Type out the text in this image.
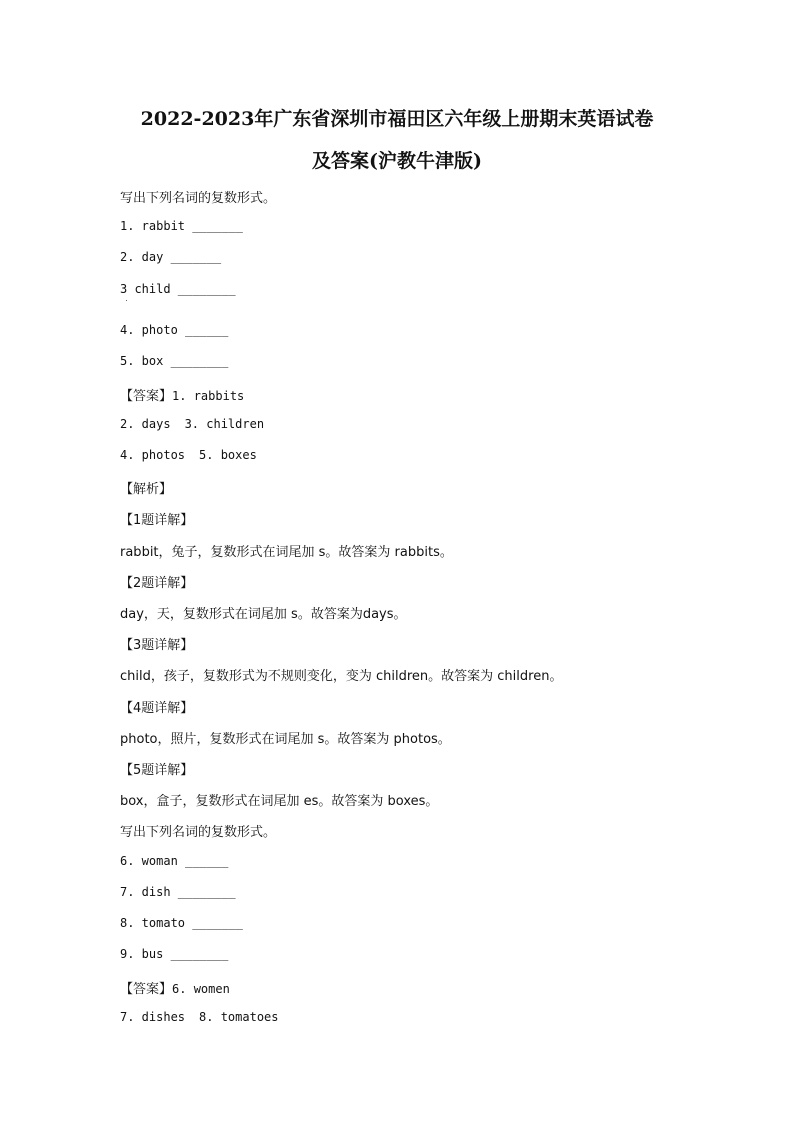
2022-2023年广东省深圳市福田区六年级上册期末英语试卷
及答案(沪教牛津版)
写出下列名词的复数形式。
1. rabbit _______
2. day _______
3 child ________
4. photo ______
5. box ________
【答案】1. rabbits
2. days 3. children
4. photos 5. boxes
【解析】
【1题详解】
rabbit，兔子，复数形式在词尾加 s。故答案为 rabbits。
【2题详解】
day，天，复数形式在词尾加 s。故答案为days。
【3题详解】
child，孩子，复数形式为不规则变化，变为 children。故答案为 children。
【4题详解】
photo，照片，复数形式在词尾加 s。故答案为 photos。
【5题详解】
box，盒子，复数形式在词尾加 es。故答案为 boxes。
写出下列名词的复数形式。
6. woman ______
7. dish ________
8. tomato _______
9. bus ________
【答案】6. women
7. dishes 8. tomatoes
